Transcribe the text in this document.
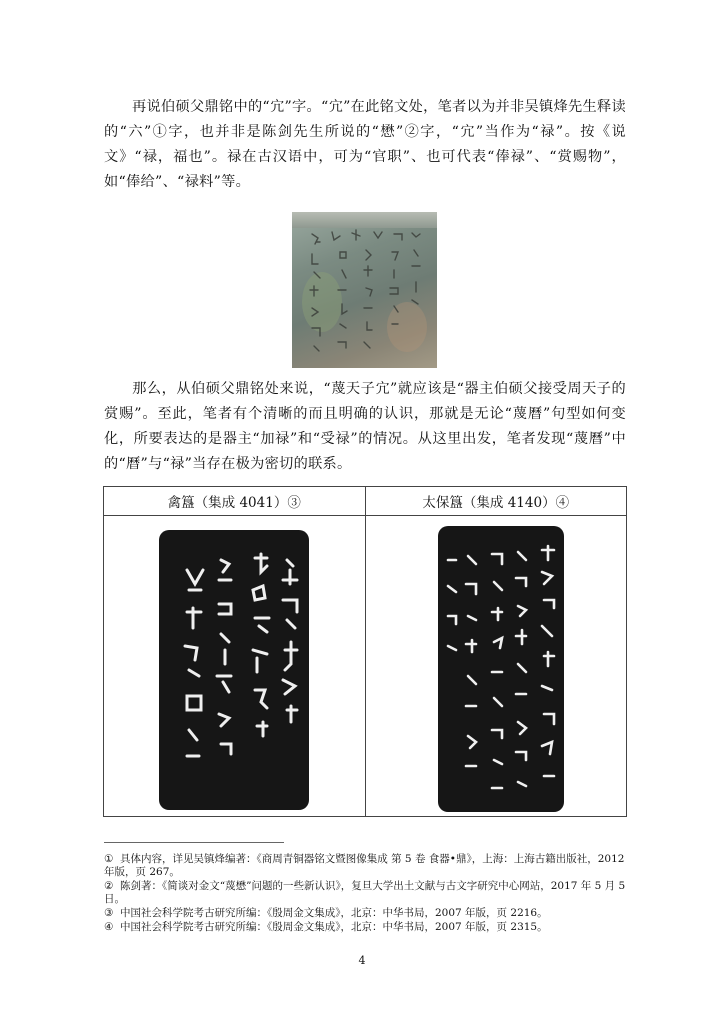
再说伯硕父鼎铭中的“宂”字。“宂”在此铭文处，笔者以为并非吴镇烽先生释读的“六”①字，也并非是陈剑先生所说的“懋”②字，“宂”当作为“禄”。按《说文》“禄，福也”。禄在古汉语中，可为“官职”、也可代表“俸禄”、“赏赐物”，如“俸给”、“禄料”等。
那么，从伯硕父鼎铭处来说，“蔑天子宂”就应该是“器主伯硕父接受周天子的赏赐”。至此，笔者有个清晰的而且明确的认识，那就是无论“蔑曆”句型如何变化，所要表达的是器主“加禄”和“受禄”的情况。从这里出发，笔者发现“蔑曆”中的“曆”与“禄”当存在极为密切的联系。
禽簋（集成 4041）③	太保簋（集成 4140）④

① 具体内容，详见吴镇烽编著：《商周青铜器铭文暨图像集成 第 5 卷 食器•鼎》，上海：上海古籍出版社，2012 年版，页 267。
② 陈剑著：《简谈对金文“蔑懋”问题的一些新认识》，复旦大学出土文献与古文字研究中心网站，2017 年 5 月 5 日。
③ 中国社会科学院考古研究所编：《殷周金文集成》，北京：中华书局，2007 年版，页 2216。
④ 中国社会科学院考古研究所编：《殷周金文集成》，北京：中华书局，2007 年版，页 2315。
4
